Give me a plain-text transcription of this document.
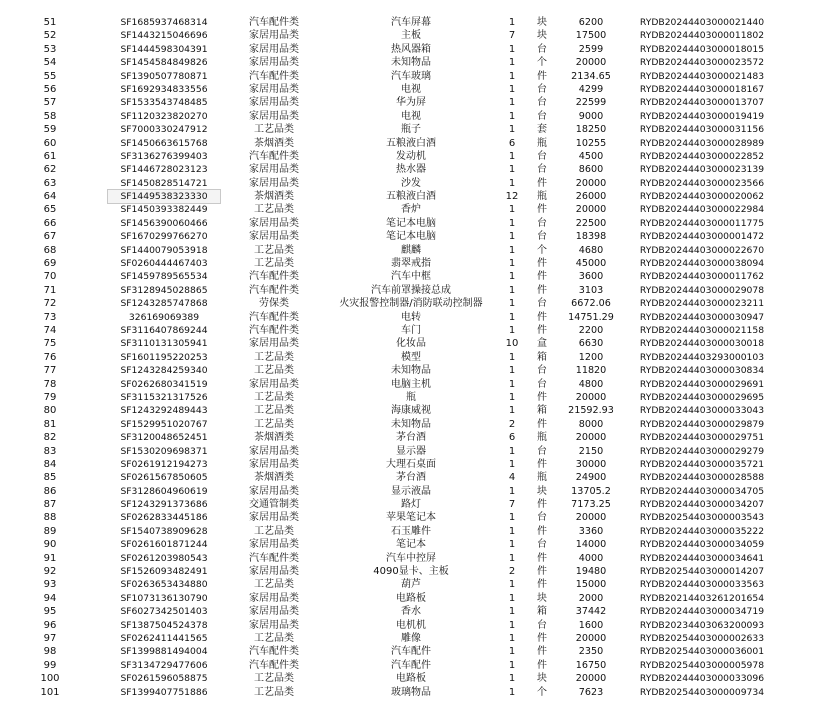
51	SF1685937468314	汽车配件类	汽车屏幕	1	块	6200	RYDB20244403000021440
52	SF1443215046696	家居用品类	主板	7	块	17500	RYDB20244403000011802
53	SF1444598304391	家居用品类	热风器箱	1	台	2599	RYDB20244403000018015
54	SF1454584849826	家居用品类	未知物品	1	个	20000	RYDB20244403000023572
55	SF1390507780871	汽车配件类	汽车玻璃	1	件	2134.65	RYDB20244403000021483
56	SF1692934833556	家居用品类	电视	1	台	4299	RYDB20244403000018167
57	SF1533543748485	家居用品类	华为屏	1	台	22599	RYDB20244403000013707
58	SF1120323820270	家居用品类	电视	1	台	9000	RYDB20244403000019419
59	SF7000330247912	工艺品类	瓶子	1	套	18250	RYDB20244403000031156
60	SF1450663615768	茶烟酒类	五粮液白酒	6	瓶	10255	RYDB20244403000028989
61	SF3136276399403	汽车配件类	发动机	1	台	4500	RYDB20244403000022852
62	SF1446728023123	家居用品类	热水器	1	台	8600	RYDB20244403000023139
63	SF1450828514721	家居用品类	沙发	1	件	20000	RYDB20244403000023566
64	SF1449538323330	茶烟酒类	五粮液白酒	12	瓶	26000	RYDB20244403000020062
65	SF1450393382449	工艺品类	香炉	1	件	20000	RYDB20244403000022984
66	SF1456390060466	家居用品类	笔记本电脑	1	台	22500	RYDB20244403000011775
67	SF1670299766270	家居用品类	笔记本电脑	1	台	18398	RYDB20244403000001472
68	SF1440079053918	工艺品类	麒麟	1	个	4680	RYDB20244403000022670
69	SF0260444467403	工艺品类	翡翠戒指	1	件	45000	RYDB20244403000038094
70	SF1459789565534	汽车配件类	汽车中框	1	件	3600	RYDB20244403000011762
71	SF3128945028865	汽车配件类	汽车前罩操接总成	1	件	3103	RYDB20244403000029078
72	SF1243285747868	劳保类	火灾报警控制器/消防联动控制器	1	台	6672.06	RYDB20244403000023211
73	326169069389	汽车配件类	电转	1	件	14751.29	RYDB20244403000030947
74	SF3116407869244	汽车配件类	车门	1	件	2200	RYDB20244403000021158
75	SF3110131305941	家居用品类	化妆品	10	盒	6630	RYDB20244403000030018
76	SF1601195220253	工艺品类	模型	1	箱	1200	RYDB20244403293000103
77	SF1243284259340	工艺品类	未知物品	1	台	11820	RYDB20244403000030834
78	SF0262680341519	家居用品类	电脑主机	1	台	4800	RYDB20244403000029691
79	SF3115321317526	工艺品类	瓶	1	件	20000	RYDB20244403000029695
80	SF1243292489443	工艺品类	海康威视	1	箱	21592.93	RYDB20244403000033043
81	SF1529951020767	工艺品类	未知物品	2	件	8000	RYDB20244403000029879
82	SF3120048652451	茶烟酒类	茅台酒	6	瓶	20000	RYDB20244403000029751
83	SF1530209698371	家居用品类	显示器	1	台	2150	RYDB20244403000029279
84	SF0261912194273	家居用品类	大理石桌面	1	件	30000	RYDB20244403000035721
85	SF0261567850605	茶烟酒类	茅台酒	4	瓶	24900	RYDB20244403000028588
86	SF3128604960619	家居用品类	显示液晶	1	块	13705.2	RYDB20244403000034705
87	SF1243291373686	交通管制类	路灯	7	件	7173.25	RYDB20244403000034207
88	SF0262833445186	家居用品类	苹果笔记本	1	台	20000	RYDB20254403000003543
89	SF1540738909628	工艺品类	石玉雕件	1	件	3360	RYDB20244403000035222
90	SF0261601871244	家居用品类	笔记本	1	台	14000	RYDB20244403000034059
91	SF0261203980543	汽车配件类	汽车中控屏	1	件	4000	RYDB20244403000034641
92	SF1526093482491	家居用品类	4090显卡、主板	2	件	19480	RYDB20254403000014207
93	SF0263653434880	工艺品类	葫芦	1	件	15000	RYDB20244403000033563
94	SF1073136130790	家居用品类	电路板	1	块	2000	RYDB20214403261201654
95	SF6027342501403	家居用品类	香水	1	箱	37442	RYDB20244403000034719
96	SF1387504524378	家居用品类	电机机	1	台	1600	RYDB20234403063200093
97	SF0262411441565	工艺品类	雕像	1	件	20000	RYDB20254403000002633
98	SF1399881494004	汽车配件类	汽车配件	1	件	2350	RYDB20254403000036001
99	SF3134729477606	汽车配件类	汽车配件	1	件	16750	RYDB20254403000005978
100	SF0261596058875	工艺品类	电路板	1	块	20000	RYDB20244403000033096
101	SF1399407751886	工艺品类	玻璃物品	1	个	7623	RYDB20254403000009734
